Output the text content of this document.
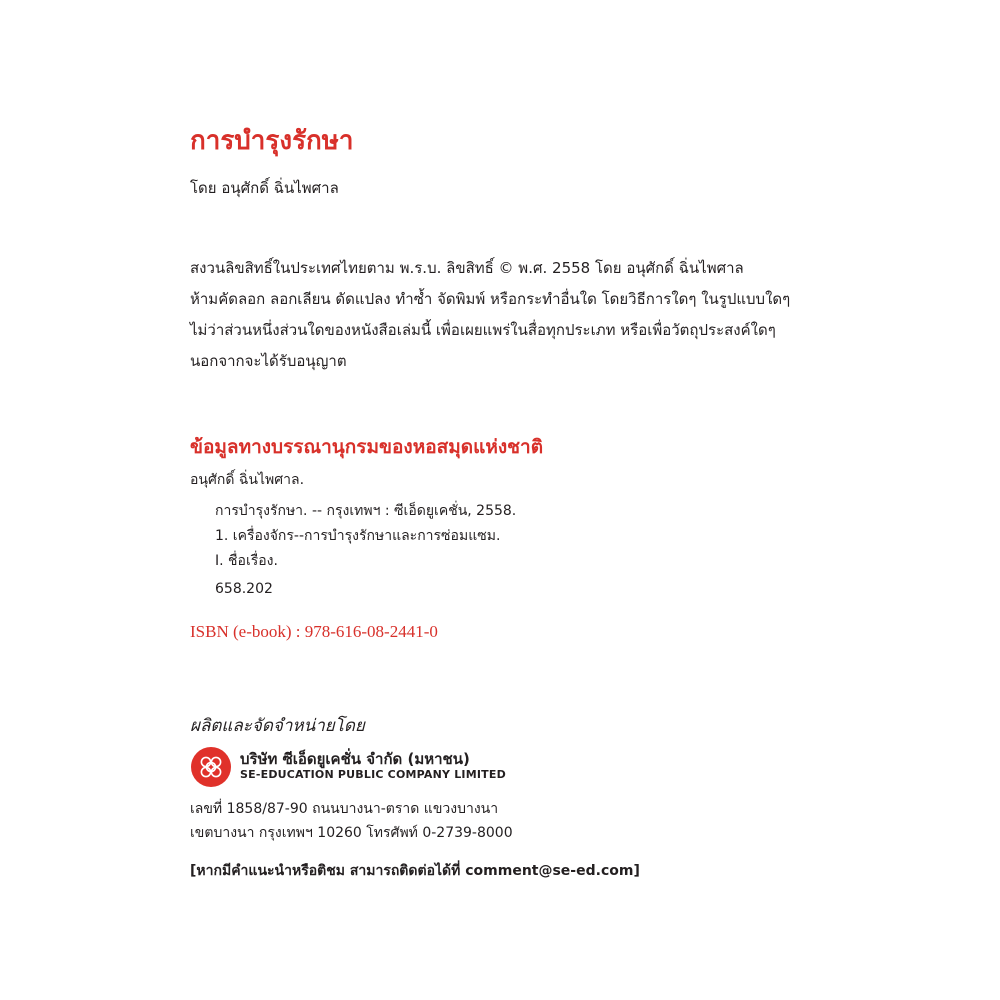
การบำรุงรักษา
โดย อนุศักดิ์ ฉิ่นไพศาล
สงวนลิขสิทธิ์ในประเทศไทยตาม พ.ร.บ. ลิขสิทธิ์ © พ.ศ. 2558 โดย อนุศักดิ์ ฉิ่นไพศาล
ห้ามคัดลอก ลอกเลียน ดัดแปลง ทำซ้ำ จัดพิมพ์ หรือกระทำอื่นใด โดยวิธีการใดๆ ในรูปแบบใดๆ
ไม่ว่าส่วนหนึ่งส่วนใดของหนังสือเล่มนี้ เพื่อเผยแพร่ในสื่อทุกประเภท หรือเพื่อวัตถุประสงค์ใดๆ
นอกจากจะได้รับอนุญาต
ข้อมูลทางบรรณานุกรมของหอสมุดแห่งชาติ
อนุศักดิ์ ฉิ่นไพศาล.
การบำรุงรักษา. -- กรุงเทพฯ : ซีเอ็ดยูเคชั่น, 2558.
1. เครื่องจักร--การบำรุงรักษาและการซ่อมแซม.
I. ชื่อเรื่อง.
658.202
ISBN (e-book) : 978-616-08-2441-0
ผลิตและจัดจำหน่ายโดย
บริษัท ซีเอ็ดยูเคชั่น จำกัด (มหาชน)
SE-EDUCATION PUBLIC COMPANY LIMITED
เลขที่ 1858/87-90 ถนนบางนา-ตราด แขวงบางนา
เขตบางนา กรุงเทพฯ 10260 โทรศัพท์ 0-2739-8000
[หากมีคำแนะนำหรือติชม สามารถติดต่อได้ที่ comment@se-ed.com]
